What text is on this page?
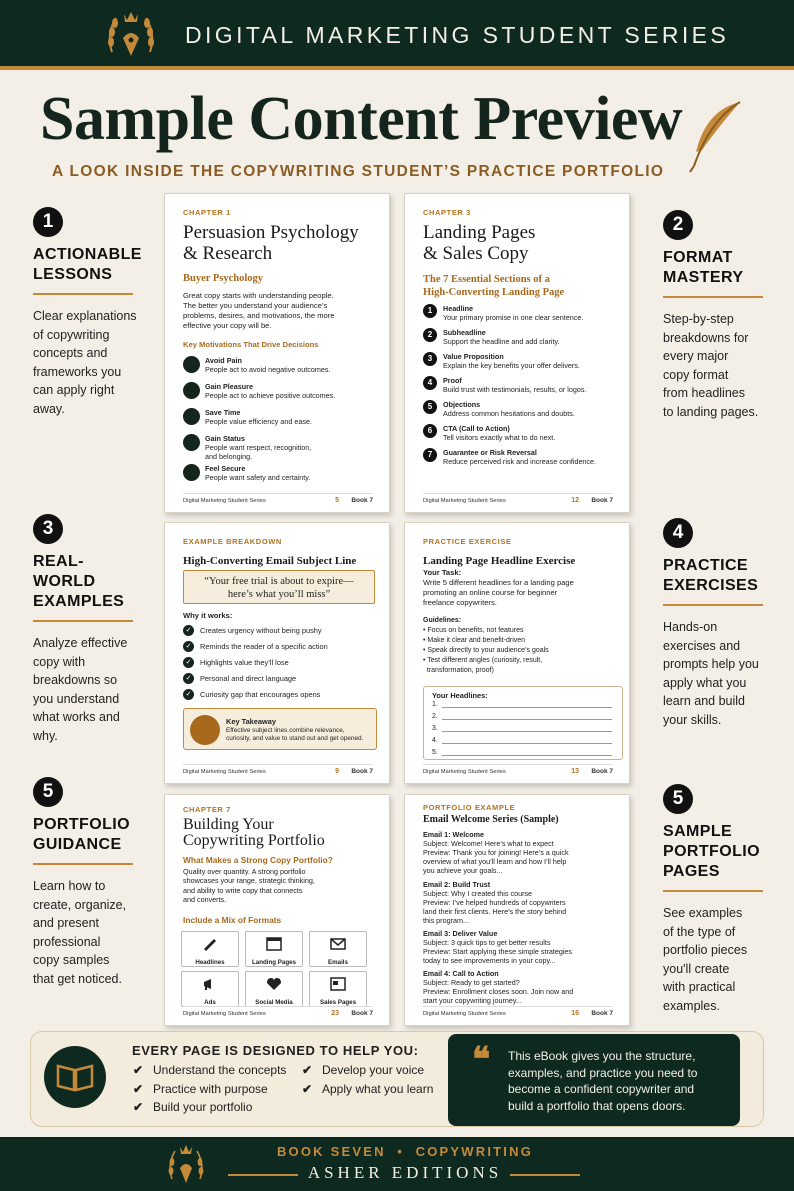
DIGITAL MARKETING STUDENT SERIES
Sample Content Preview
A LOOK INSIDE THE COPYWRITING STUDENT’S PRACTICE PORTFOLIO
1
ACTIONABLE
LESSONS
Clear explanations
of copywriting
concepts and
frameworks you
can apply right
away.
3
REAL-WORLD
EXAMPLES
Analyze effective
copy with
breakdowns so
you understand
what works and
why.
5
PORTFOLIO
GUIDANCE
Learn how to
create, organize,
and present
professional
copy samples
that get noticed.
2
FORMAT
MASTERY
Step-by-step
breakdowns for
every major
copy format
from headlines
to landing pages.
4
PRACTICE
EXERCISES
Hands-on
exercises and
prompts help you
apply what you
learn and build
your skills.
5
SAMPLE
PORTFOLIO
PAGES
See examples
of the type of
portfolio pieces
you'll create
with practical
examples.
CHAPTER 1
Persuasion Psychology
& Research
Buyer Psychology
Great copy starts with understanding people.
The better you understand your audience’s
problems, desires, and motivations, the more
effective your copy will be.
Key Motivations That Drive Decisions
Avoid Pain
People act to avoid negative outcomes.
Gain Pleasure
People act to achieve positive outcomes.
Save Time
People value efficiency and ease.
Gain Status
People want respect, recognition,
and belonging.
Feel Secure
People want safety and certainty.
Digital Marketing Student Series	5 Book 7
CHAPTER 3
Landing Pages
& Sales Copy
The 7 Essential Sections of a
High-Converting Landing Page
1	Headline
Your primary promise in one clear sentence.
2	Subheadline
Support the headline and add clarity.
3	Value Proposition
Explain the key benefits your offer delivers.
4	Proof
Build trust with testimonials, results, or logos.
5	Objections
Address common hesitations and doubts.
6	CTA (Call to Action)
Tell visitors exactly what to do next.
7	Guarantee or Risk Reversal
Reduce perceived risk and increase confidence.
Digital Marketing Student Series	12 Book 7
EXAMPLE BREAKDOWN
High-Converting Email Subject Line
“Your free trial is about to expire—
here’s what you’ll miss”
Why it works:
✓	Creates urgency without being pushy
✓	Reminds the reader of a specific action
✓	Highlights value they’ll lose
✓	Personal and direct language
✓	Curiosity gap that encourages opens
Key Takeaway
Effective subject lines combine relevance,
curiosity, and value to stand out and get opened.
Digital Marketing Student Series	9 Book 7
PRACTICE EXERCISE
Landing Page Headline Exercise
Your Task:
Write 5 different headlines for a landing page
promoting an online course for beginner
freelance copywriters.
Guidelines:
• Focus on benefits, not features
• Make it clear and benefit-driven
• Speak directly to your audience’s goals
• Test different angles (curiosity, result,
transformation, proof)
Your Headlines:
1.
2.
3.
4.
5.
Digital Marketing Student Series	13 Book 7
CHAPTER 7
Building Your
Copywriting Portfolio
What Makes a Strong Copy Portfolio?
Quality over quantity. A strong portfolio
showcases your range, strategic thinking,
and ability to write copy that connects
and converts.
Include a Mix of Formats
Headlines	Landing Pages	Emails
Ads	Social Media	Sales Pages
Digital Marketing Student Series	23 Book 7
PORTFOLIO EXAMPLE
Email Welcome Series (Sample)
Email 1: Welcome
Subject: Welcome! Here’s what to expect
Preview: Thank you for joining! Here’s a quick
overview of what you’ll learn and how I’ll help
you achieve your goals...
Email 2: Build Trust
Subject: Why I created this course
Preview: I’ve helped hundreds of copywriters
land their first clients. Here’s the story behind
this program...
Email 3: Deliver Value
Subject: 3 quick tips to get better results
Preview: Start applying these simple strategies
today to see improvements in your copy...
Email 4: Call to Action
Subject: Ready to get started?
Preview: Enrollment closes soon. Join now and
start your copywriting journey...
Digital Marketing Student Series	16 Book 7
EVERY PAGE IS DESIGNED TO HELP YOU:
✔ Understand the concepts
✔ Practice with purpose
✔ Build your portfolio
✔ Develop your voice
✔ Apply what you learn
❝ This eBook gives you the structure,
examples, and practice you need to
become a confident copywriter and
build a portfolio that opens doors.
BOOK SEVEN  •  COPYWRITING
ASHER EDITIONS
